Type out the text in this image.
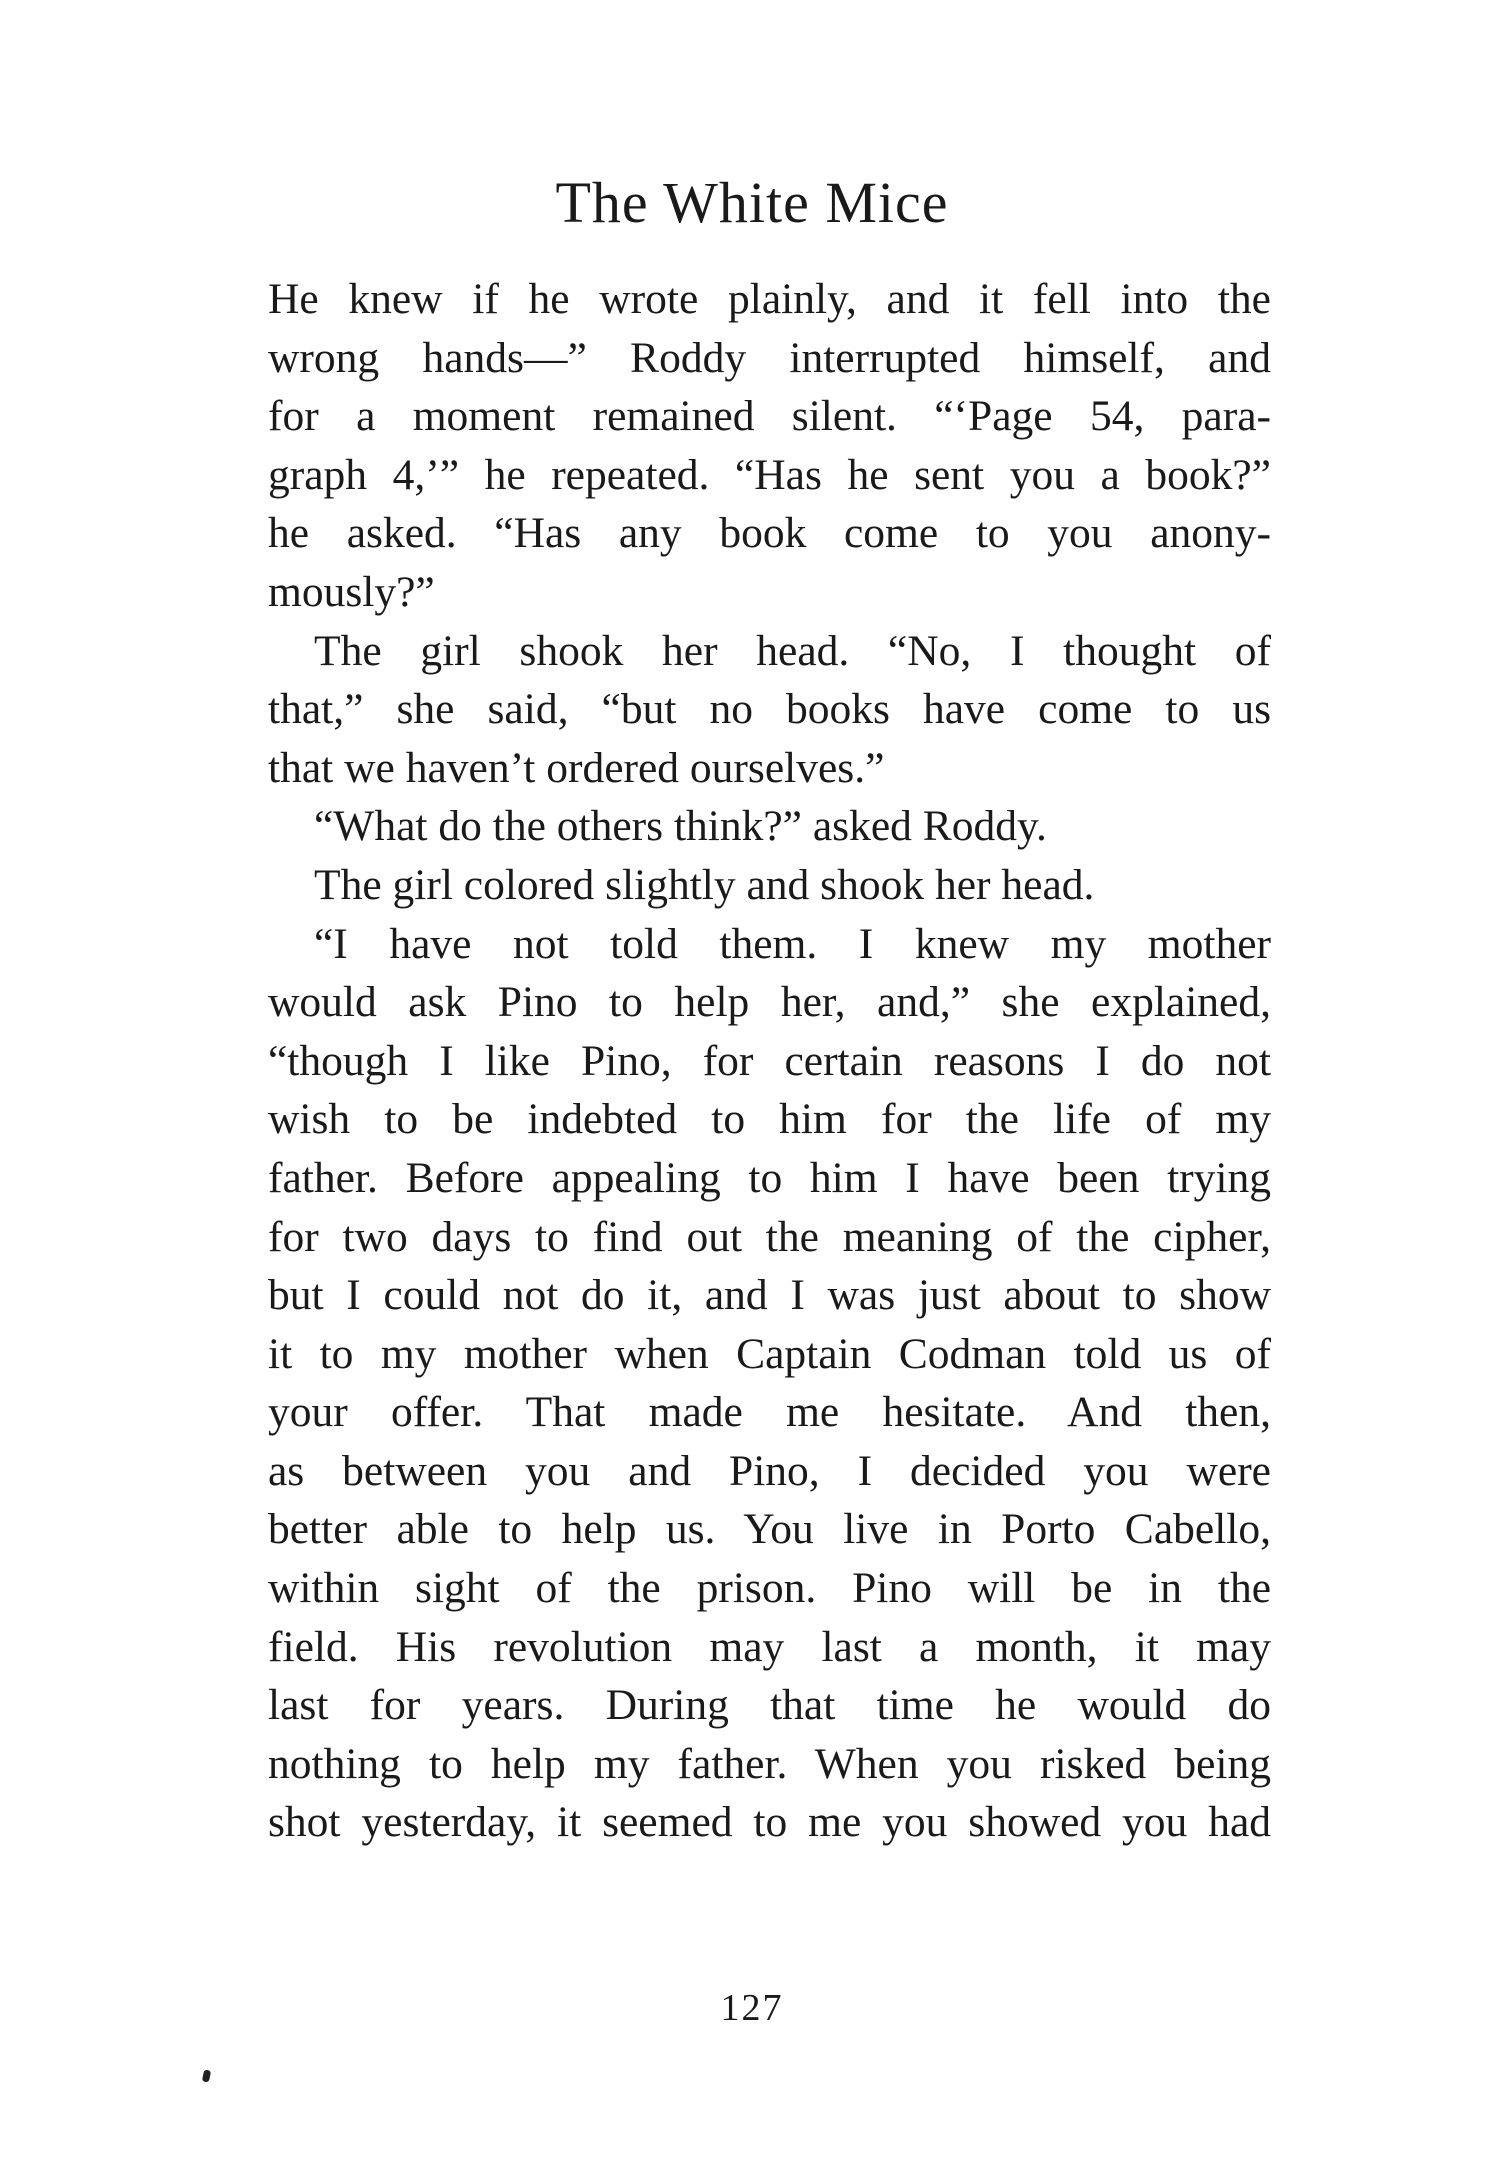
The White Mice
He knew if he wrote plainly, and it fell into the
wrong hands—” Roddy interrupted himself, and
for a moment remained silent. “‘Page 54, para-
graph 4,’” he repeated. “Has he sent you a book?”
he asked. “Has any book come to you anony-
mously?”
The girl shook her head. “No, I thought of
that,” she said, “but no books have come to us
that we haven’t ordered ourselves.”
“What do the others think?” asked Roddy.
The girl colored slightly and shook her head.
“I have not told them. I knew my mother
would ask Pino to help her, and,” she explained,
“though I like Pino, for certain reasons I do not
wish to be indebted to him for the life of my
father. Before appealing to him I have been trying
for two days to find out the meaning of the cipher,
but I could not do it, and I was just about to show
it to my mother when Captain Codman told us of
your offer. That made me hesitate. And then,
as between you and Pino, I decided you were
better able to help us. You live in Porto Cabello,
within sight of the prison. Pino will be in the
field. His revolution may last a month, it may
last for years. During that time he would do
nothing to help my father. When you risked being
shot yesterday, it seemed to me you showed you had
127
